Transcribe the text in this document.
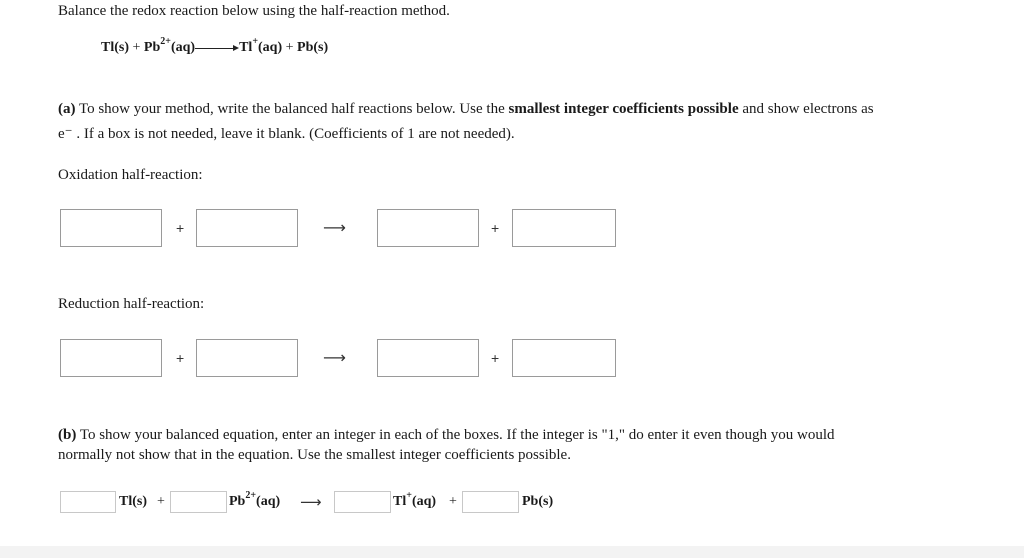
Balance the redox reaction below using the half-reaction method.
$Tl(s) + Pb^{2+}(aq)$	Tl+(aq) + Pb(s)
(a) To show your method, write the balanced half reactions below. Use the smallest integer coefficients possible and show electrons as
e⁻ . If a box is not needed, leave it blank. (Coefficients of 1 are not needed).
Oxidation half-reaction:
+	⟶	+
Reduction half-reaction:
+	⟶	+
(b) To show your balanced equation, enter an integer in each of the boxes. If the integer is "1," do enter it even though you would
normally not show that in the equation. Use the smallest integer coefficients possible.
Tl(s) +	$Pb^{2+}(aq)$ ⟶	Tl+(aq) +	Pb(s)
